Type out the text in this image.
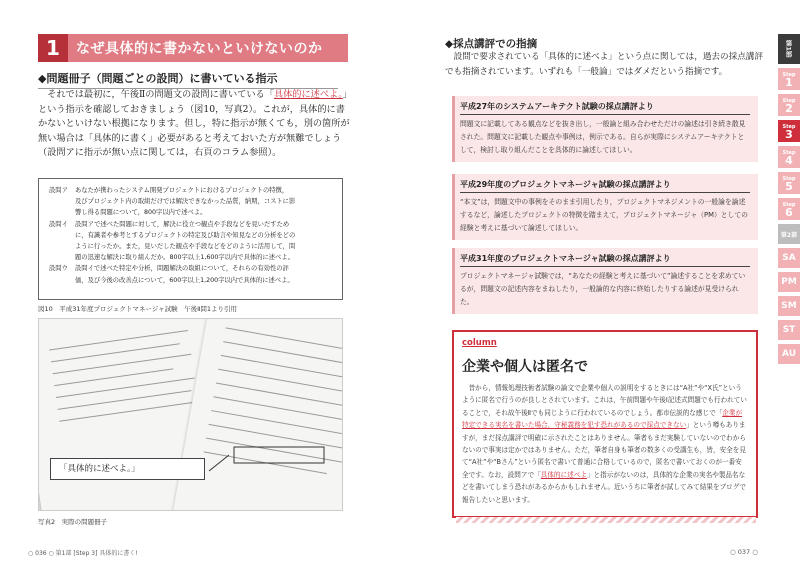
1	なぜ具体的に書かないといけないのか
◆問題冊子（問題ごとの設問）に書いている指示

それでは最初に，午後Ⅱの問題文の設問に書いている「具体的に述べよ。」という指示を確認しておきましょう（図10，写真2）。これが，具体的に書かないといけない根拠になります。但し，特に指示が無くても，別の箇所が無い場合は「具体的に書く」必要があると考えておいた方が無難でしょう（設問アに指示が無い点に関しては，右頁のコラム参照）。

設問ア	あなたが携わったシステム開発プロジェクトにおけるプロジェクトの特徴，
及びプロジェクト内の取組だけでは解決できなかった品質，納期，コストに影
響し得る問題について，800字以内で述べよ。
設問イ	設問アで述べた問題に対して，解決に役立つ観点や手段などを見いだすため
に，有識者や参考とするプロジェクトの特定及び助言や知見などの分析をどの
ように行ったか。また，見いだした観点や手段などをどのように活用して，問
題の迅速な解決に取り組んだか。800字以上1,600字以内で具体的に述べよ。
設問ウ	設問イで述べた特定や分析，問題解決の取組について，それらの有効性の評
価，及び今後の改善点について，600字以上1,200字以内で具体的に述べよ。
図10　平成31年度プロジェクトマネージャ試験　午後Ⅱ問1より引用
「具体的に述べよ。」
写真2　実際の問題冊子
○ 036 ○ 第1部 [Step 3] 具体的に書く!
◆採点講評での指摘

設問で要求されている「具体的に述べよ」という点に関しては，過去の採点講評でも指摘されています。いずれも「一般論」ではダメだという指摘です。

平成27年のシステムアーキテクト試験の採点講評より
問題文に記載してある観点などを抜き出し，一般論と組み合わせただけの論述は引き続き散見された。問題文に記載した観点や事例は，例示である。自らが実際にシステムアーキテクトとして，検討し取り組んだことを具体的に論述してほしい。
平成29年度のプロジェクトマネージャ試験の採点講評より
“本文”は，問題文中の事例をそのまま引用したり，プロジェクトマネジメントの一般論を論述するなど，論述したプロジェクトの特徴を踏まえて，プロジェクトマネージャ（PM）としての経験と考えに基づいて論述してほしい。
平成31年度のプロジェクトマネージャ試験の採点講評より
プロジェクトマネージャ試験では，“あなたの経験と考えに基づいて”論述することを求めているが，問題文の記述内容をまねしたり，一般論的な内容に終始したりする論述が見受けられた。
column
企業や個人は匿名で

昔から，情報処理技術者試験の論文で企業や個人の説明をするときには“A社”や“X氏”というように匿名で行うのが良しとされています。これは，午前問題や午後Ⅰ記述式問題でも行われていることで，それ故午後Ⅱでも同じように行われているのでしょう。都市伝説的な感じで「企業が特定できる実名を書いた場合，守秘義務を犯す恐れがあるので採点できない」という噂もありますが，まだ採点講評で明確に示されたことはありません。筆者もまだ実験していないのでわからないので事実は定かではありません。ただ，筆者自身も筆者の数多くの受講生も，皆，安全を見て“A社”や“Bさん”という匿名で書いて普通に合格しているので，匿名で書いておくのが一番安全です。なお，設問アで「具体的に述べよ」と指示がないのは，具体的な企業の実名や製品名などを書いてしまう恐れがあるからかもしれません。近いうちに筆者が試してみて結果をブログで報告したいと思います。

○ 037 ○
第1部
Step
1
Step
2
Step
3
Step
4
Step
5
Step
6
第2部
SA
PM
SM
ST
AU
